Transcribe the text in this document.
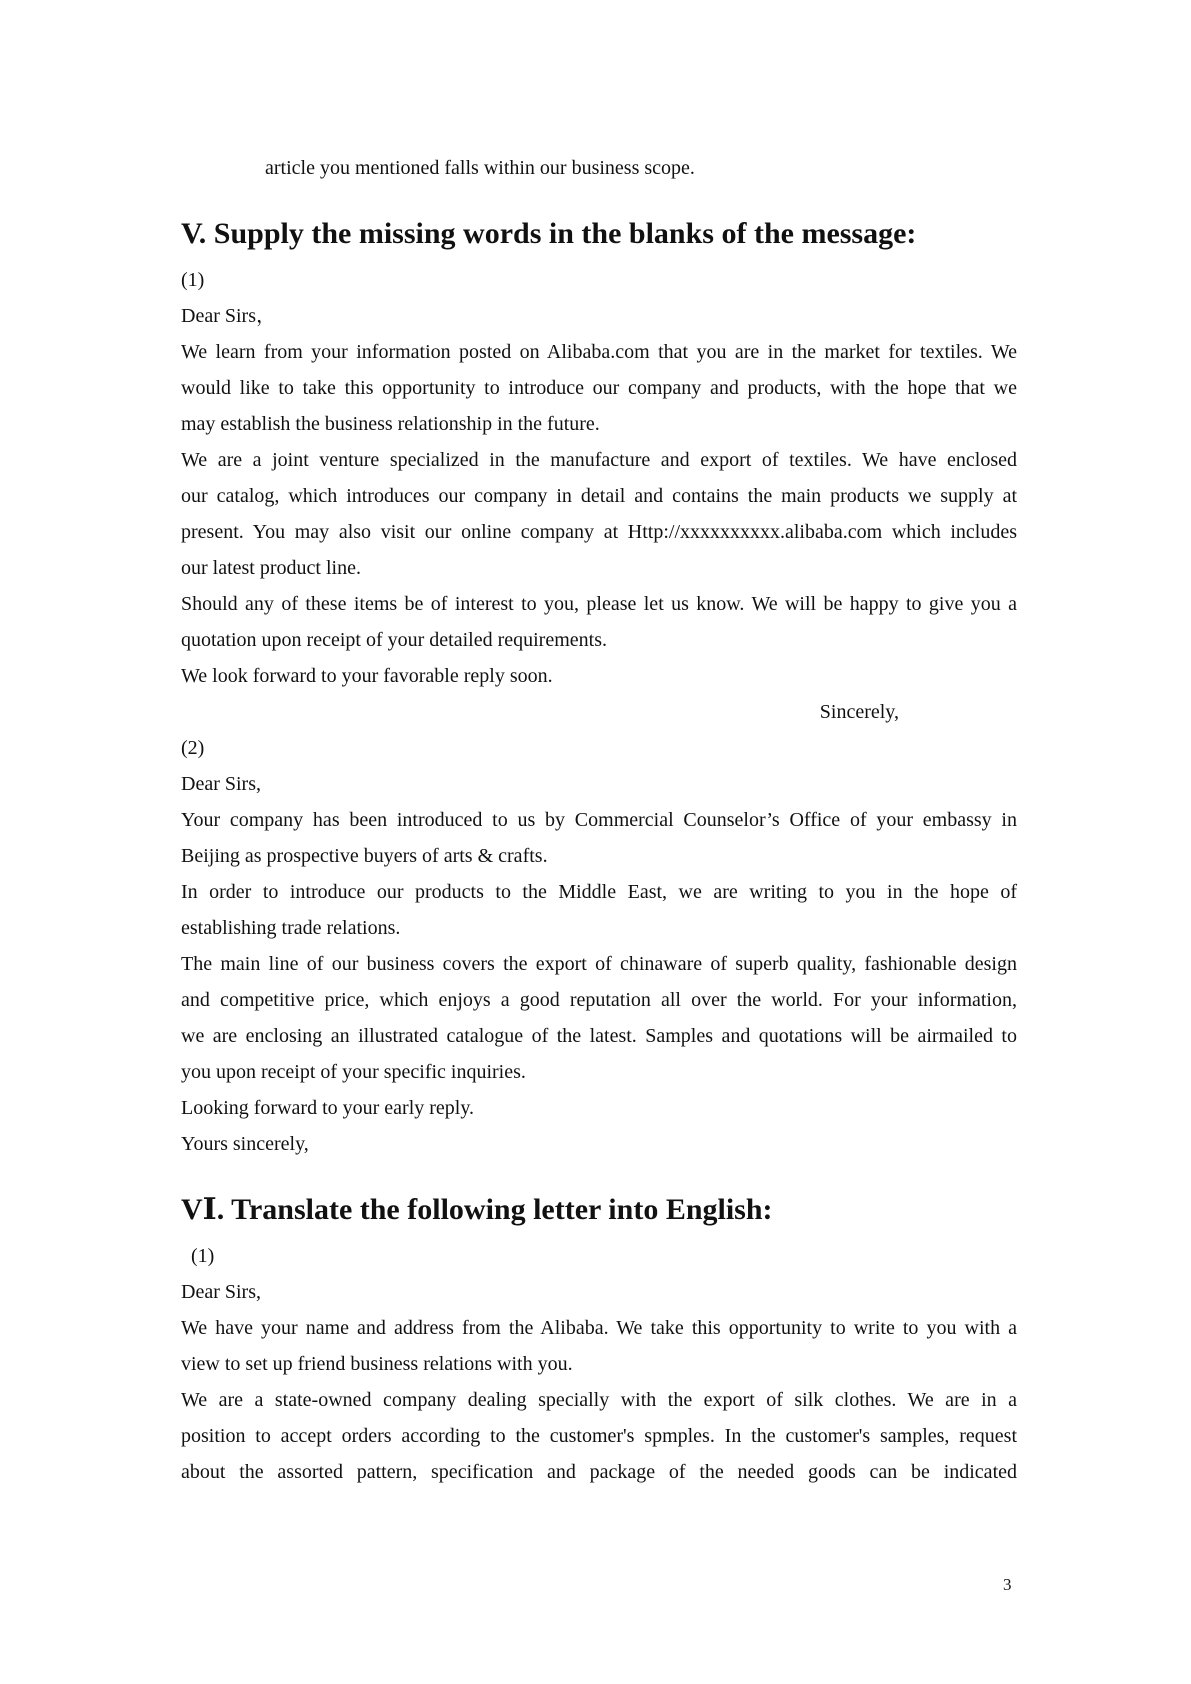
article you mentioned falls within our business scope.

V. Supply the missing words in the blanks of the message:

(1)

Dear Sirs，

We learn from your information posted on Alibaba.com that you are in the market for textiles. We

would like to take this opportunity to introduce our company and products, with the hope that we

may establish the business relationship in the future.

We are a joint venture specialized in the manufacture and export of textiles. We have enclosed

our catalog, which introduces our company in detail and contains the main products we supply at

present. You may also visit our online company at Http://xxxxxxxxxx.alibaba.com which includes

our latest product line.

Should any of these items be of interest to you, please let us know. We will be happy to give you a

quotation upon receipt of your detailed requirements.

We look forward to your favorable reply soon.

Sincerely,

(2)

Dear Sirs,

Your company has been introduced to us by Commercial Counselor’s Office of your embassy in

Beijing as prospective buyers of arts & crafts.

In order to introduce our products to the Middle East, we are writing to you in the hope of

establishing trade relations.

The main line of our business covers the export of chinaware of superb quality, fashionable design

and competitive price, which enjoys a good reputation all over the world. For your information,

we are enclosing an illustrated catalogue of the latest. Samples and quotations will be airmailed to

you upon receipt of your specific inquiries.

Looking forward to your early reply.

Yours sincerely,

VⅠ. Translate the following letter into English:

(1)

Dear Sirs,

We have your name and address from the Alibaba. We take this opportunity to write to you with a

view to set up friend business relations with you.

We are a state-owned company dealing specially with the export of silk clothes. We are in a

position to accept orders according to the customer's spmples. In the customer's samples, request

about the assorted pattern, specification and package of the needed goods can be indicated

3
